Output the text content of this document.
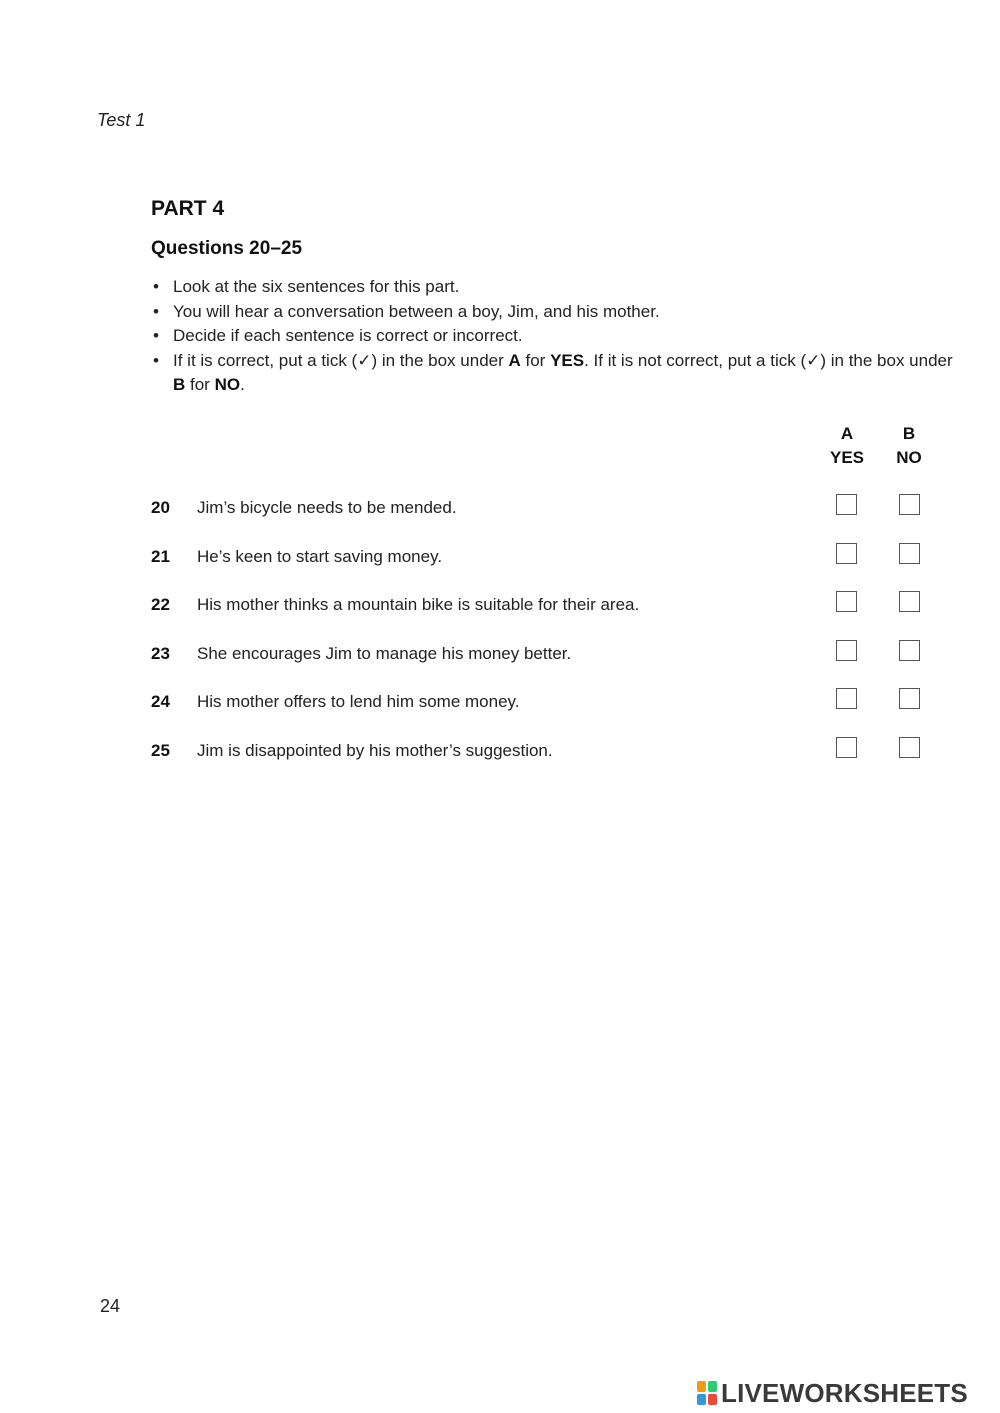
Test 1
PART 4
Questions 20–25
• Look at the six sentences for this part.
• You will hear a conversation between a boy, Jim, and his mother.
• Decide if each sentence is correct or incorrect.
• If it is correct, put a tick (✓) in the box under A for YES. If it is not correct, put a tick (✓) in the box under B for NO.
A
YES
B
NO
20 Jim’s bicycle needs to be mended.
21 He’s keen to start saving money.
22 His mother thinks a mountain bike is suitable for their area.
23 She encourages Jim to manage his money better.
24 His mother offers to lend him some money.
25 Jim is disappointed by his mother’s suggestion.
24
LIVEWORKSHEETS
